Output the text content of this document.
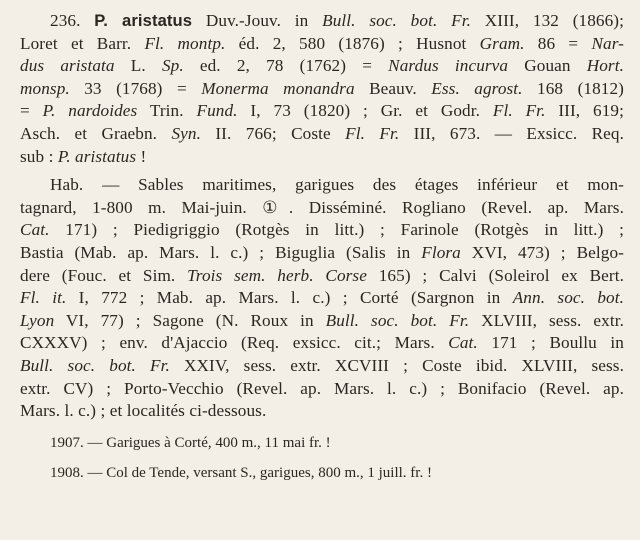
236. P. aristatus Duv.-Jouv. in Bull. soc. bot. Fr. XIII, 132 (1866);
Loret et Barr. Fl. montp. éd. 2, 580 (1876) ; Husnot Gram. 86 = Nar-
dus aristata L. Sp. ed. 2, 78 (1762) = Nardus incurva Gouan Hort.
monsp. 33 (1768) = Monerma monandra Beauv. Ess. agrost. 168 (1812)
= P. nardoides Trin. Fund. I, 73 (1820) ; Gr. et Godr. Fl. Fr. III, 619;
Asch. et Graebn. Syn. II. 766; Coste Fl. Fr. III, 673. — Exsicc. Req.
sub : P. aristatus !
Hab. — Sables maritimes, garigues des étages inférieur et mon-
tagnard, 1-800 m. Mai-juin. ①. Disséminé. Rogliano (Revel. ap. Mars.
Cat. 171) ; Piedigriggio (Rotgès in litt.) ; Farinole (Rotgès in litt.) ;
Bastia (Mab. ap. Mars. l. c.) ; Biguglia (Salis in Flora XVI, 473) ; Belgo-
dere (Fouc. et Sim. Trois sem. herb. Corse 165) ; Calvi (Soleirol ex Bert.
Fl. it. I, 772 ; Mab. ap. Mars. l. c.) ; Corté (Sargnon in Ann. soc. bot.
Lyon VI, 77) ; Sagone (N. Roux in Bull. soc. bot. Fr. XLVIII, sess. extr.
CXXXV) ; env. d'Ajaccio (Req. exsicc. cit.; Mars. Cat. 171 ; Boullu in
Bull. soc. bot. Fr. XXIV, sess. extr. XCVIII ; Coste ibid. XLVIII, sess.
extr. CV) ; Porto-Vecchio (Revel. ap. Mars. l. c.) ; Bonifacio (Revel. ap.
Mars. l. c.) ; et localités ci-dessous.
1907. — Garigues à Corté, 400 m., 11 mai fr. !
1908. — Col de Tende, versant S., garigues, 800 m., 1 juill. fr. !
